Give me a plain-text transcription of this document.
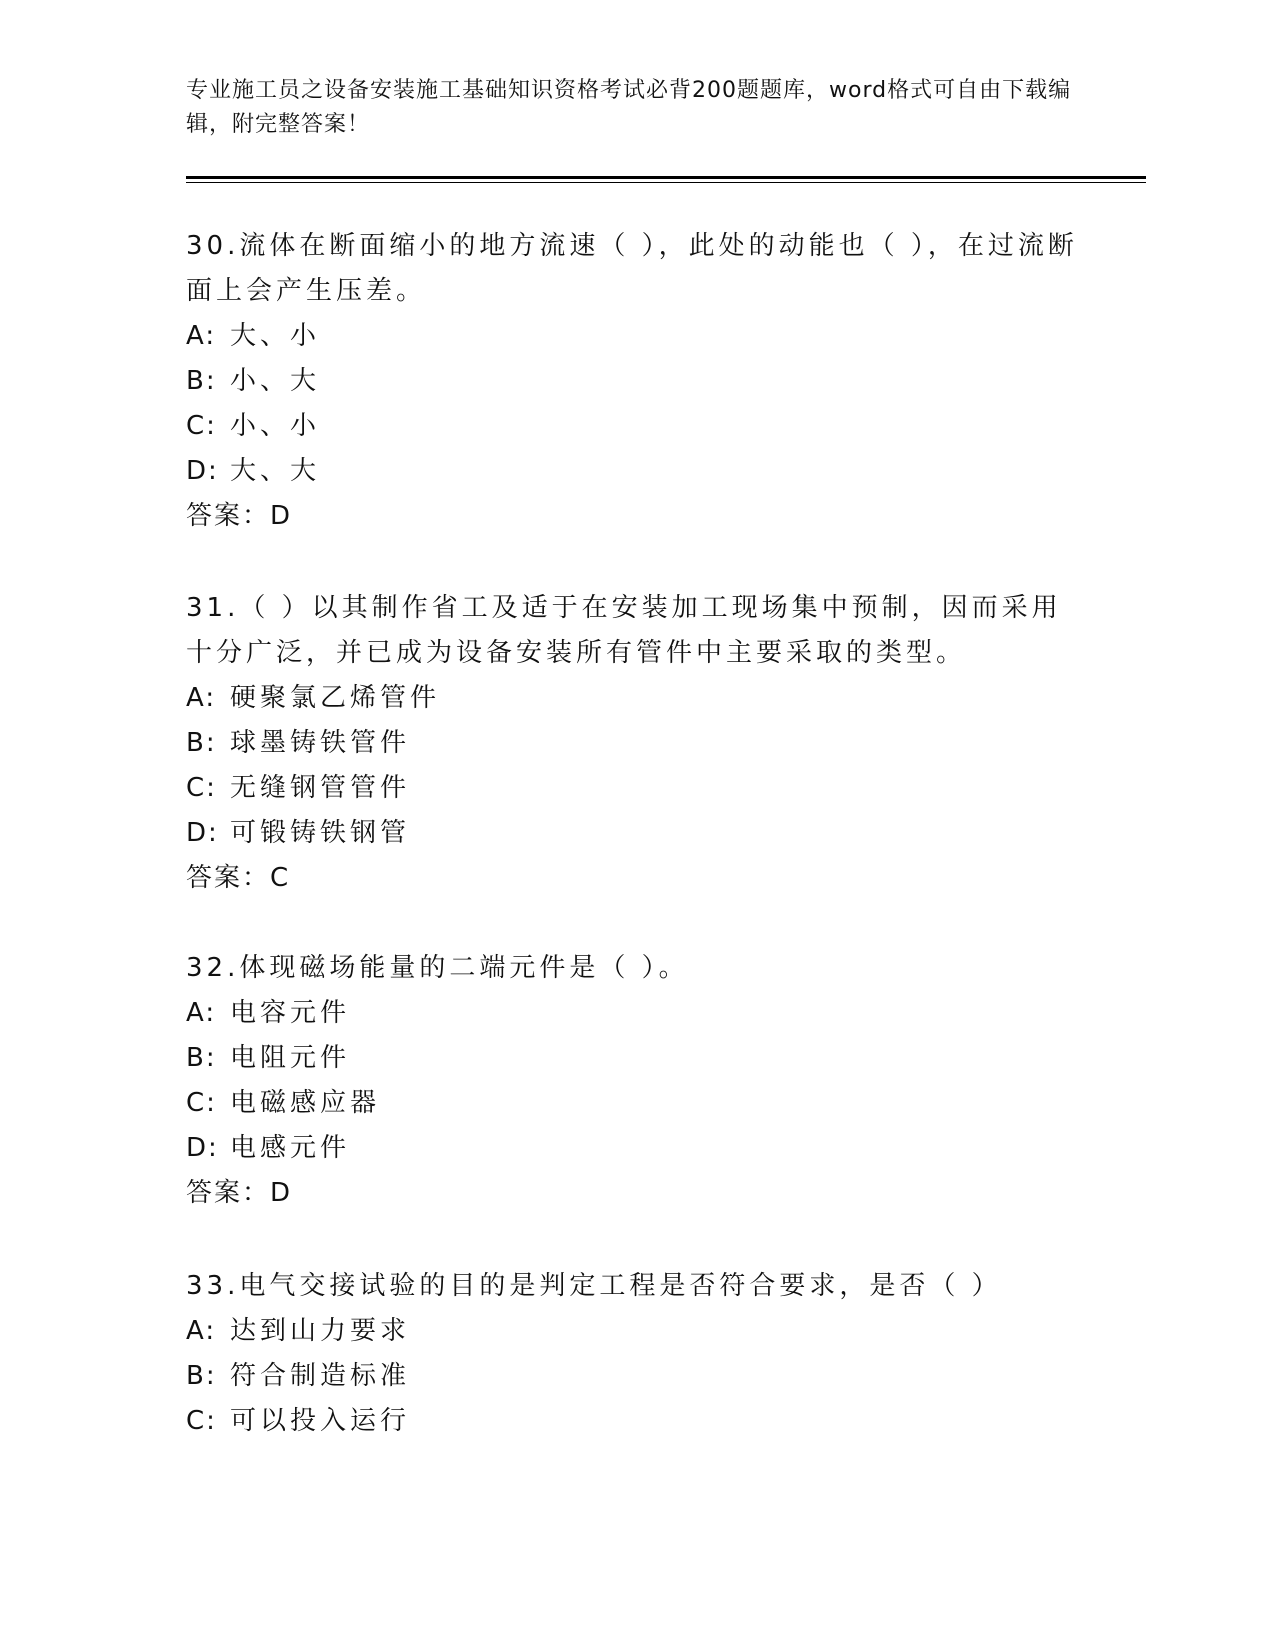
专业施工员之设备安装施工基础知识资格考试必背200题题库，word格式可自由下载编辑，附完整答案！

30.流体在断面缩小的地方流速（ ），此处的动能也（ ），在过流断面上会产生压差。

A: 大、小

B: 小、大

C: 小、小

D: 大、大

答案：D

31.（ ）以其制作省工及适于在安装加工现场集中预制，因而采用十分广泛，并已成为设备安装所有管件中主要采取的类型。

A: 硬聚氯乙烯管件

B: 球墨铸铁管件

C: 无缝钢管管件

D: 可锻铸铁钢管

答案：C

32.体现磁场能量的二端元件是（ ）。

A: 电容元件

B: 电阻元件

C: 电磁感应器

D: 电感元件

答案：D

33.电气交接试验的目的是判定工程是否符合要求，是否（ ）

A: 达到山力要求

B: 符合制造标准

C: 可以投入运行
